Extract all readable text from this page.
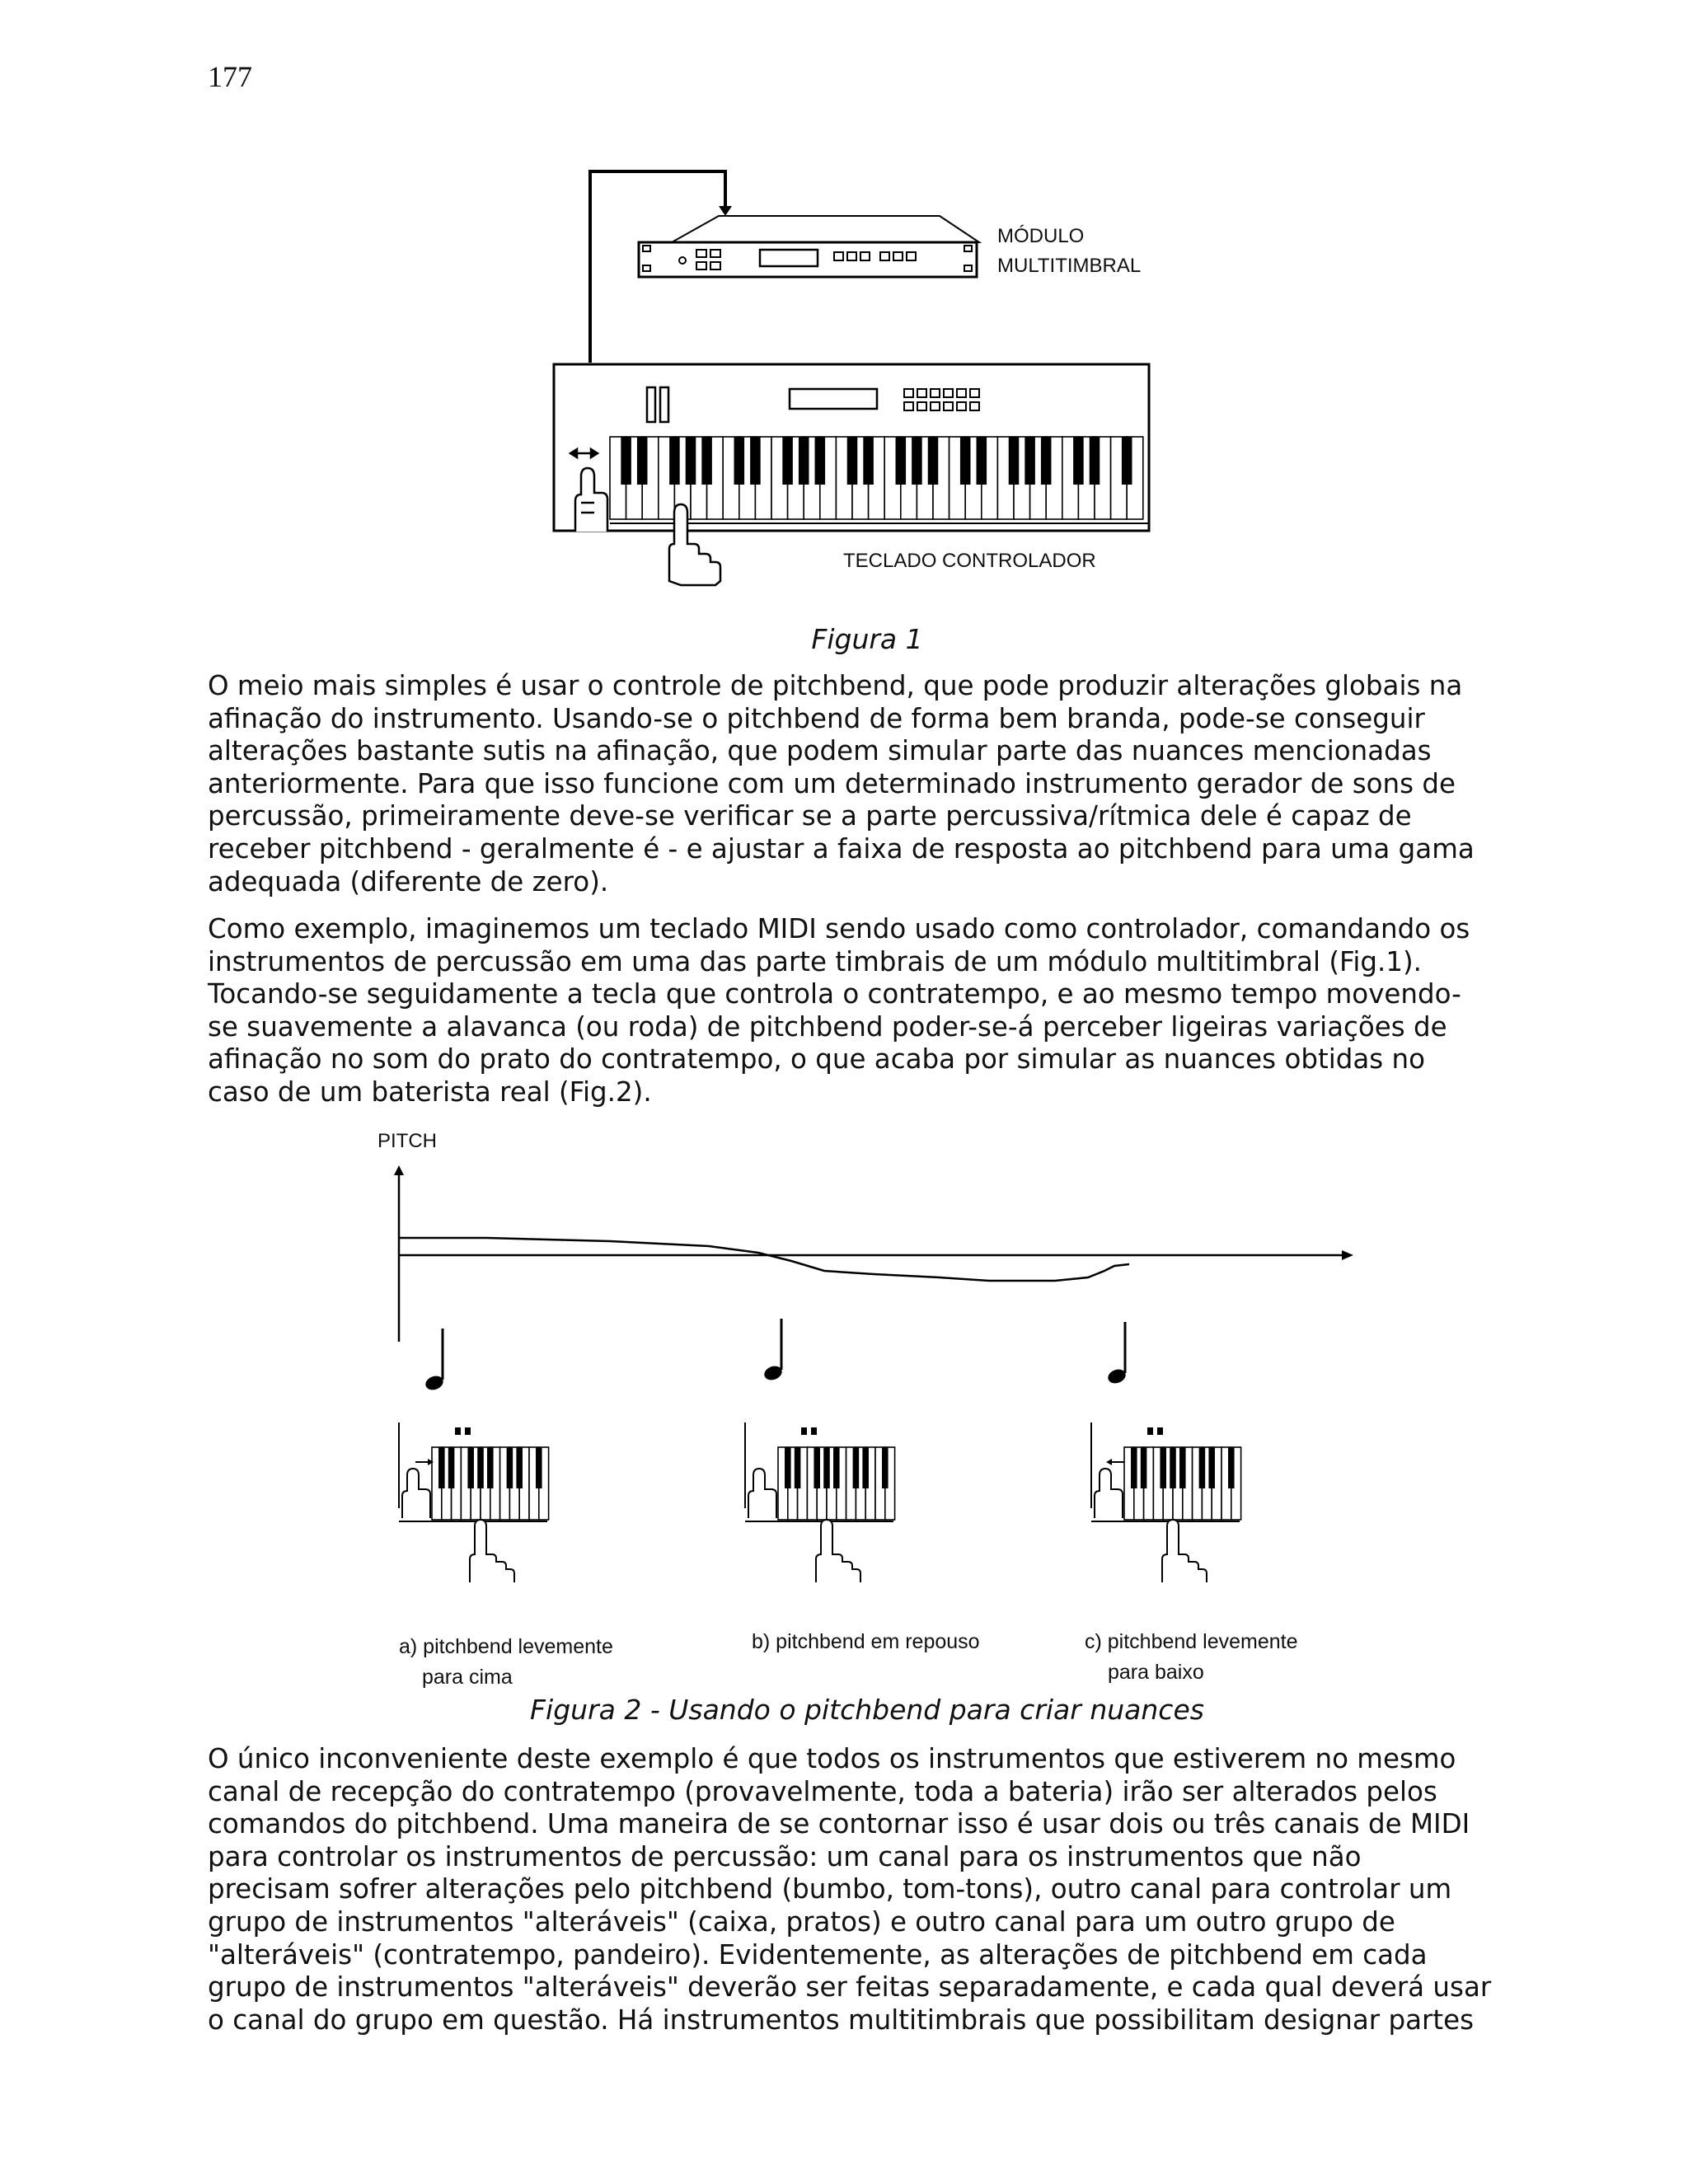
177
MÓDULO
MULTITIMBRAL
TECLADO CONTROLADOR
Figura 1

O meio mais simples é usar o controle de pitchbend, que pode produzir alterações globais na
afinação do instrumento. Usando-se o pitchbend de forma bem branda, pode-se conseguir
alterações bastante sutis na afinação, que podem simular parte das nuances mencionadas
anteriormente. Para que isso funcione com um determinado instrumento gerador de sons de
percussão, primeiramente deve-se verificar se a parte percussiva/rítmica dele é capaz de
receber pitchbend - geralmente é - e ajustar a faixa de resposta ao pitchbend para uma gama
adequada (diferente de zero).

Como exemplo, imaginemos um teclado MIDI sendo usado como controlador, comandando os
instrumentos de percussão em uma das parte timbrais de um módulo multitimbral (Fig.1).
Tocando-se seguidamente a tecla que controla o contratempo, e ao mesmo tempo movendo-
se suavemente a alavanca (ou roda) de pitchbend poder-se-á perceber ligeiras variações de
afinação no som do prato do contratempo, o que acaba por simular as nuances obtidas no
caso de um baterista real (Fig.2).

PITCH
a) pitchbend levemente
para cima
b) pitchbend em repouso	c) pitchbend levemente
para baixo
Figura 2 - Usando o pitchbend para criar nuances

O único inconveniente deste exemplo é que todos os instrumentos que estiverem no mesmo
canal de recepção do contratempo (provavelmente, toda a bateria) irão ser alterados pelos
comandos do pitchbend. Uma maneira de se contornar isso é usar dois ou três canais de MIDI
para controlar os instrumentos de percussão: um canal para os instrumentos que não
precisam sofrer alterações pelo pitchbend (bumbo, tom-tons), outro canal para controlar um
grupo de instrumentos "alteráveis" (caixa, pratos) e outro canal para um outro grupo de
"alteráveis" (contratempo, pandeiro). Evidentemente, as alterações de pitchbend em cada
grupo de instrumentos "alteráveis" deverão ser feitas separadamente, e cada qual deverá usar
o canal do grupo em questão. Há instrumentos multitimbrais que possibilitam designar partes
